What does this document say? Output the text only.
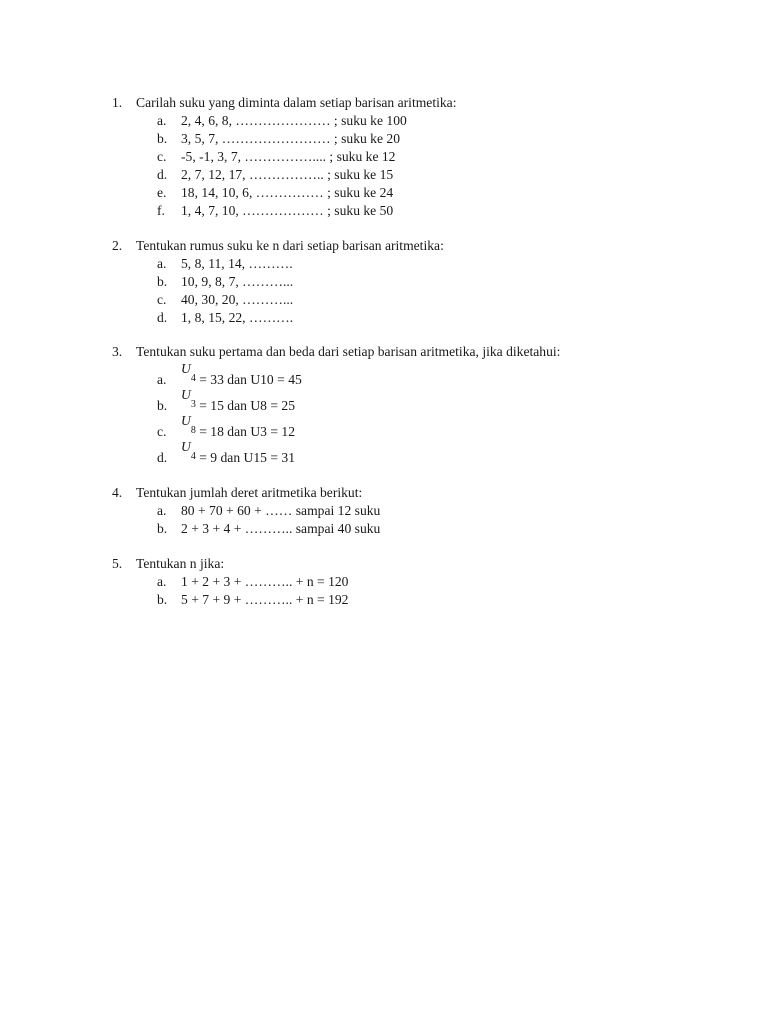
1. Carilah suku yang diminta dalam setiap barisan aritmetika:
a. 2, 4, 6, 8, ………………… ; suku ke 100
b. 3, 5, 7, …………………… ; suku ke 20
c. -5, -1, 3, 7, …………….... ; suku ke 12
d. 2, 7, 12, 17, …………….. ; suku ke 15
e. 18, 14, 10, 6, …………… ; suku ke 24
f. 1, 4, 7, 10, ……………… ; suku ke 50
2. Tentukan rumus suku ke n dari setiap barisan aritmetika:
a. 5, 8, 11, 14, ……….
b. 10, 9, 8, 7, ………...
c. 40, 30, 20, ………...
d. 1, 8, 15, 22, ……….
3. Tentukan suku pertama dan beda dari setiap barisan aritmetika, jika diketahui:
a.
$U_4 = 33$ dan U10 = 45
b.
$U_3 = 15$ dan U8 = 25
c.
$U_8 = 18$ dan U3 = 12
d.
$U_4 = 9$ dan U15 = 31
4. Tentukan jumlah deret aritmetika berikut:
a. 80 + 70 + 60 + …… sampai 12 suku
b. 2 + 3 + 4 + ……….. sampai 40 suku
5. Tentukan n jika:
a. 1 + 2 + 3 + ……….. + n = 120
b. 5 + 7 + 9 + ……….. + n = 192
